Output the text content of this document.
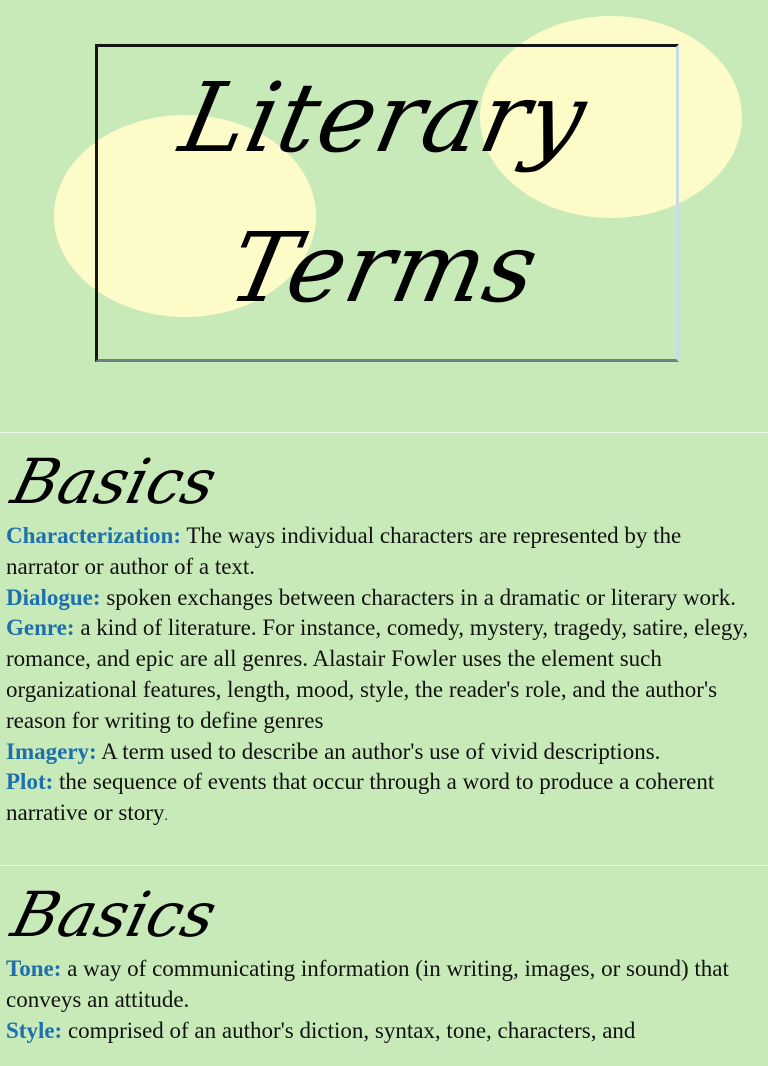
Literary
Terms
Basics
Characterization: The ways individual characters are represented by the narrator or author of a text.
Dialogue: spoken exchanges between characters in a dramatic or literary work.
Genre: a kind of literature. For instance, comedy, mystery, tragedy, satire, elegy, romance, and epic are all genres. Alastair Fowler uses the element such organizational features, length, mood, style, the reader's role, and the author's reason for writing to define genres
Imagery: A term used to describe an author's use of vivid descriptions.
Plot: the sequence of events that occur through a word to produce a coherent narrative or story.
Basics
Tone: a way of communicating information (in writing, images, or sound) that conveys an attitude.
Style: comprised of an author's diction, syntax, tone, characters, and
